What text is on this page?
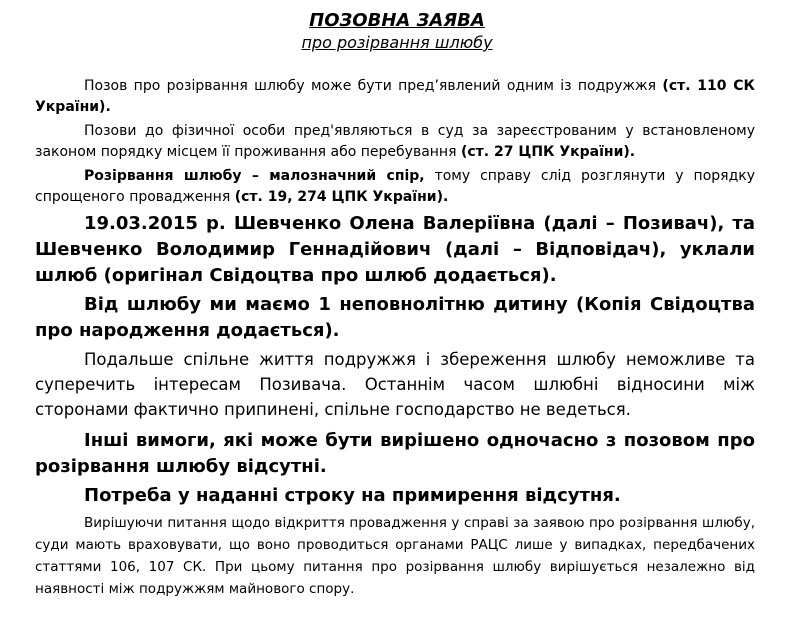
ПОЗОВНА ЗАЯВА
про розірвання шлюбу

Позов про розірвання шлюбу може бути пред’явлений одним із подружжя (ст. 110 СК України).

Позови до фізичної особи пред'являються в суд за зареєстрованим у встановленому законом порядку місцем її проживання або перебування (ст. 27 ЦПК України).

Розірвання шлюбу – малозначний спір, тому справу слід розглянути у порядку спрощеного провадження (ст. 19, 274 ЦПК України).

19.03.2015 р. Шевченко Олена Валеріївна (далі – Позивач), та Шевченко Володимир Геннадійович (далі – Відповідач), уклали шлюб (оригінал Свідоцтва про шлюб додається).

Від шлюбу ми маємо 1 неповнолітню дитину (Копія Свідоцтва про народження додається).

Подальше спільне життя подружжя і збереження шлюбу неможливе та суперечить інтересам Позивача. Останнім часом шлюбні відносини між сторонами фактично припинені, спільне господарство не ведеться.

Інші вимоги, які може бути вирішено одночасно з позовом про розірвання шлюбу відсутні.

Потреба у наданні строку на примирення відсутня.

Вирішуючи питання щодо відкриття провадження у справі за заявою про розірвання шлюбу, суди мають враховувати, що воно проводиться органами РАЦС лише у випадках, передбачених статтями 106, 107 СК. При цьому питання про розірвання шлюбу вирішується незалежно від наявності між подружжям майнового спору.
